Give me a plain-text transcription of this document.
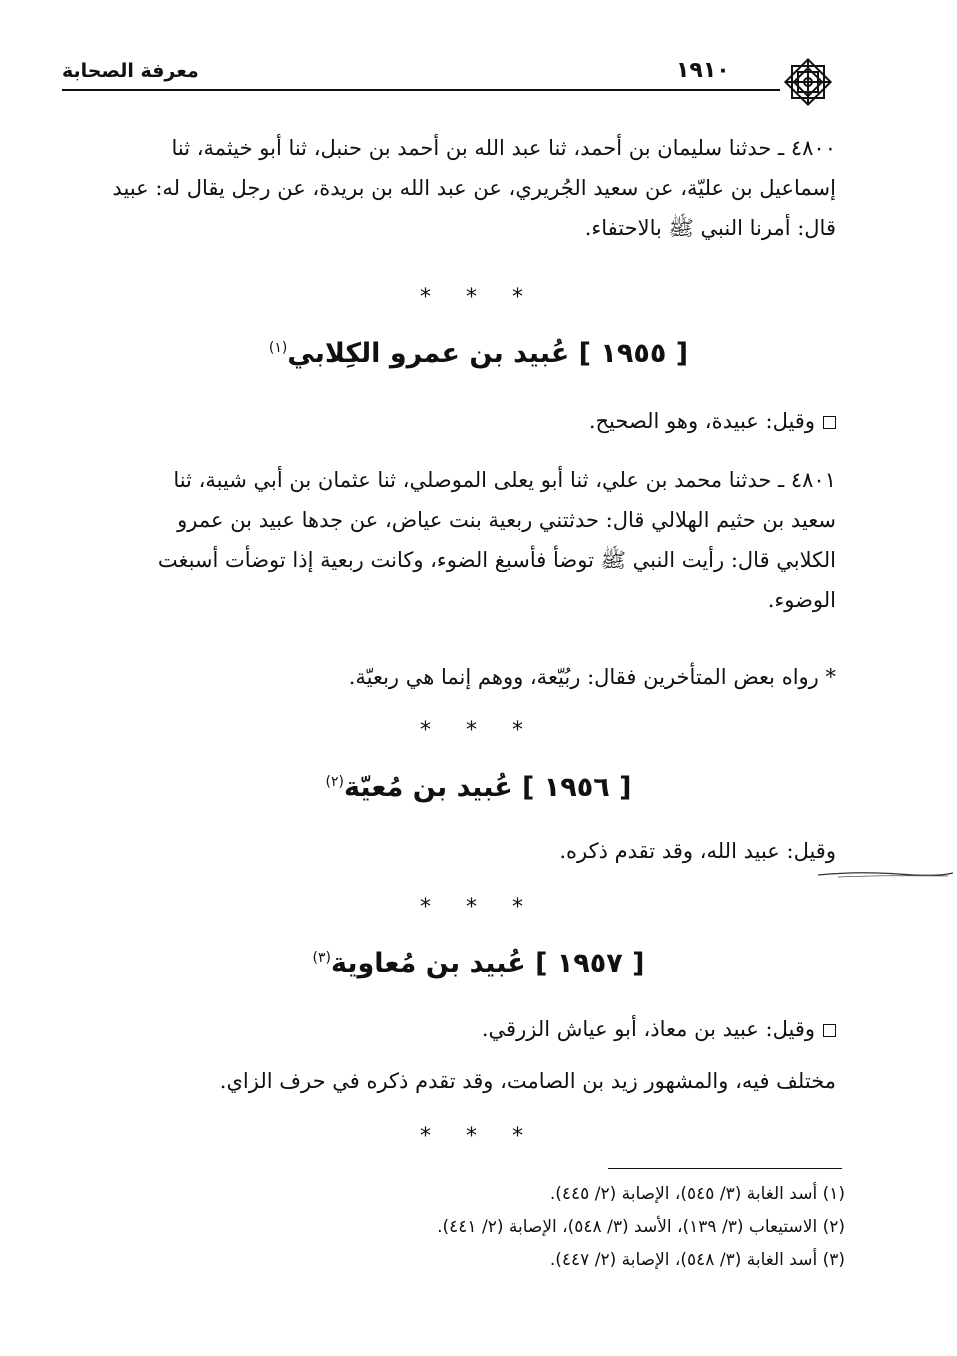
معرفة الصحابة	١٩١٠

٤٨٠٠ ـ حدثنا سليمان بن أحمد، ثنا عبد الله بن أحمد بن حنبل، ثنا أبو خيثمة، ثنا

إسماعيل بن عليّة، عن سعيد الجُريري، عن عبد الله بن بريدة، عن رجل يقال له: عبيد

قال: أمرنا النبي ﷺ بالاحتفاء.

* * *
[ ١٩٥٥ ] عُبيد بن عمرو الكِلابي$^{(١)}$
وقيل: عبيدة، وهو الصحيح.

٤٨٠١ ـ حدثنا محمد بن علي، ثنا أبو يعلى الموصلي، ثنا عثمان بن أبي شيبة، ثنا

سعيد بن حثيم الهلالي قال: حدثتني ربعية بنت عياض، عن جدها عبيد بن عمرو

الكلابي قال: رأيت النبي ﷺ توضأ فأسبغ الضوء، وكانت ربعية إذا توضأت أسبغت

الوضوء.

* رواه بعض المتأخرين فقال: ربُيّعة، ووهم إنما هي ربعيّة.
* * *
[ ١٩٥٦ ] عُبيد بن مُعيّة$^{(٢)}$
وقيل: عبيد الله، وقد تقدم ذكره.
* * *
[ ١٩٥٧ ] عُبيد بن مُعاوية$^{(٣)}$
وقيل: عبيد بن معاذ، أبو عياش الزرقي.
مختلف فيه، والمشهور زيد بن الصامت، وقد تقدم ذكره في حرف الزاي.
* * *
(١) أسد الغابة (٣/ ٥٤٥)، الإصابة (٢/ ٤٤٥).
(٢) الاستيعاب (٣/ ١٣٩)، الأسد (٣/ ٥٤٨)، الإصابة (٢/ ٤٤١).
(٣) أسد الغابة (٣/ ٥٤٨)، الإصابة (٢/ ٤٤٧).
